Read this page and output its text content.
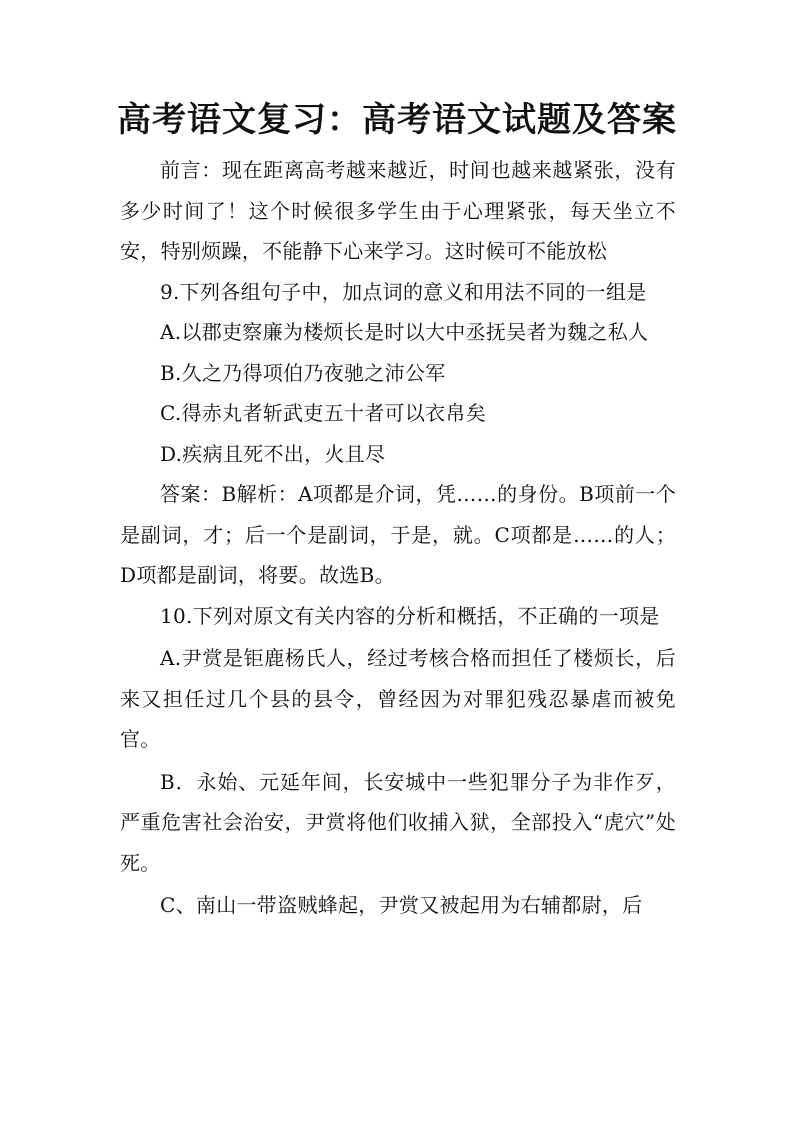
高考语文复习：高考语文试题及答案

前言：现在距离高考越来越近，时间也越来越紧张，没有多少时间了！这个时候很多学生由于心理紧张，每天坐立不安，特别烦躁，不能静下心来学习。这时候可不能放松

9.下列各组句子中，加点词的意义和用法不同的一组是

A.以郡吏察廉为楼烦长是时以大中丞抚吴者为魏之私人

B.久之乃得项伯乃夜驰之沛公军

C.得赤丸者斩武吏五十者可以衣帛矣

D.疾病且死不出，火且尽

答案：B解析：A项都是介词，凭……的身份。B项前一个是副词，才；后一个是副词，于是，就。C项都是……的人；D项都是副词，将要。故选B。

10.下列对原文有关内容的分析和概括，不正确的一项是

A.尹赏是钜鹿杨氏人，经过考核合格而担任了楼烦长，后来又担任过几个县的县令，曾经因为对罪犯残忍暴虐而被免官。

B．永始、元延年间，长安城中一些犯罪分子为非作歹，严重危害社会治安，尹赏将他们收捕入狱，全部投入“虎穴”处死。

C、南山一带盗贼蜂起，尹赏又被起用为右辅都尉，后
